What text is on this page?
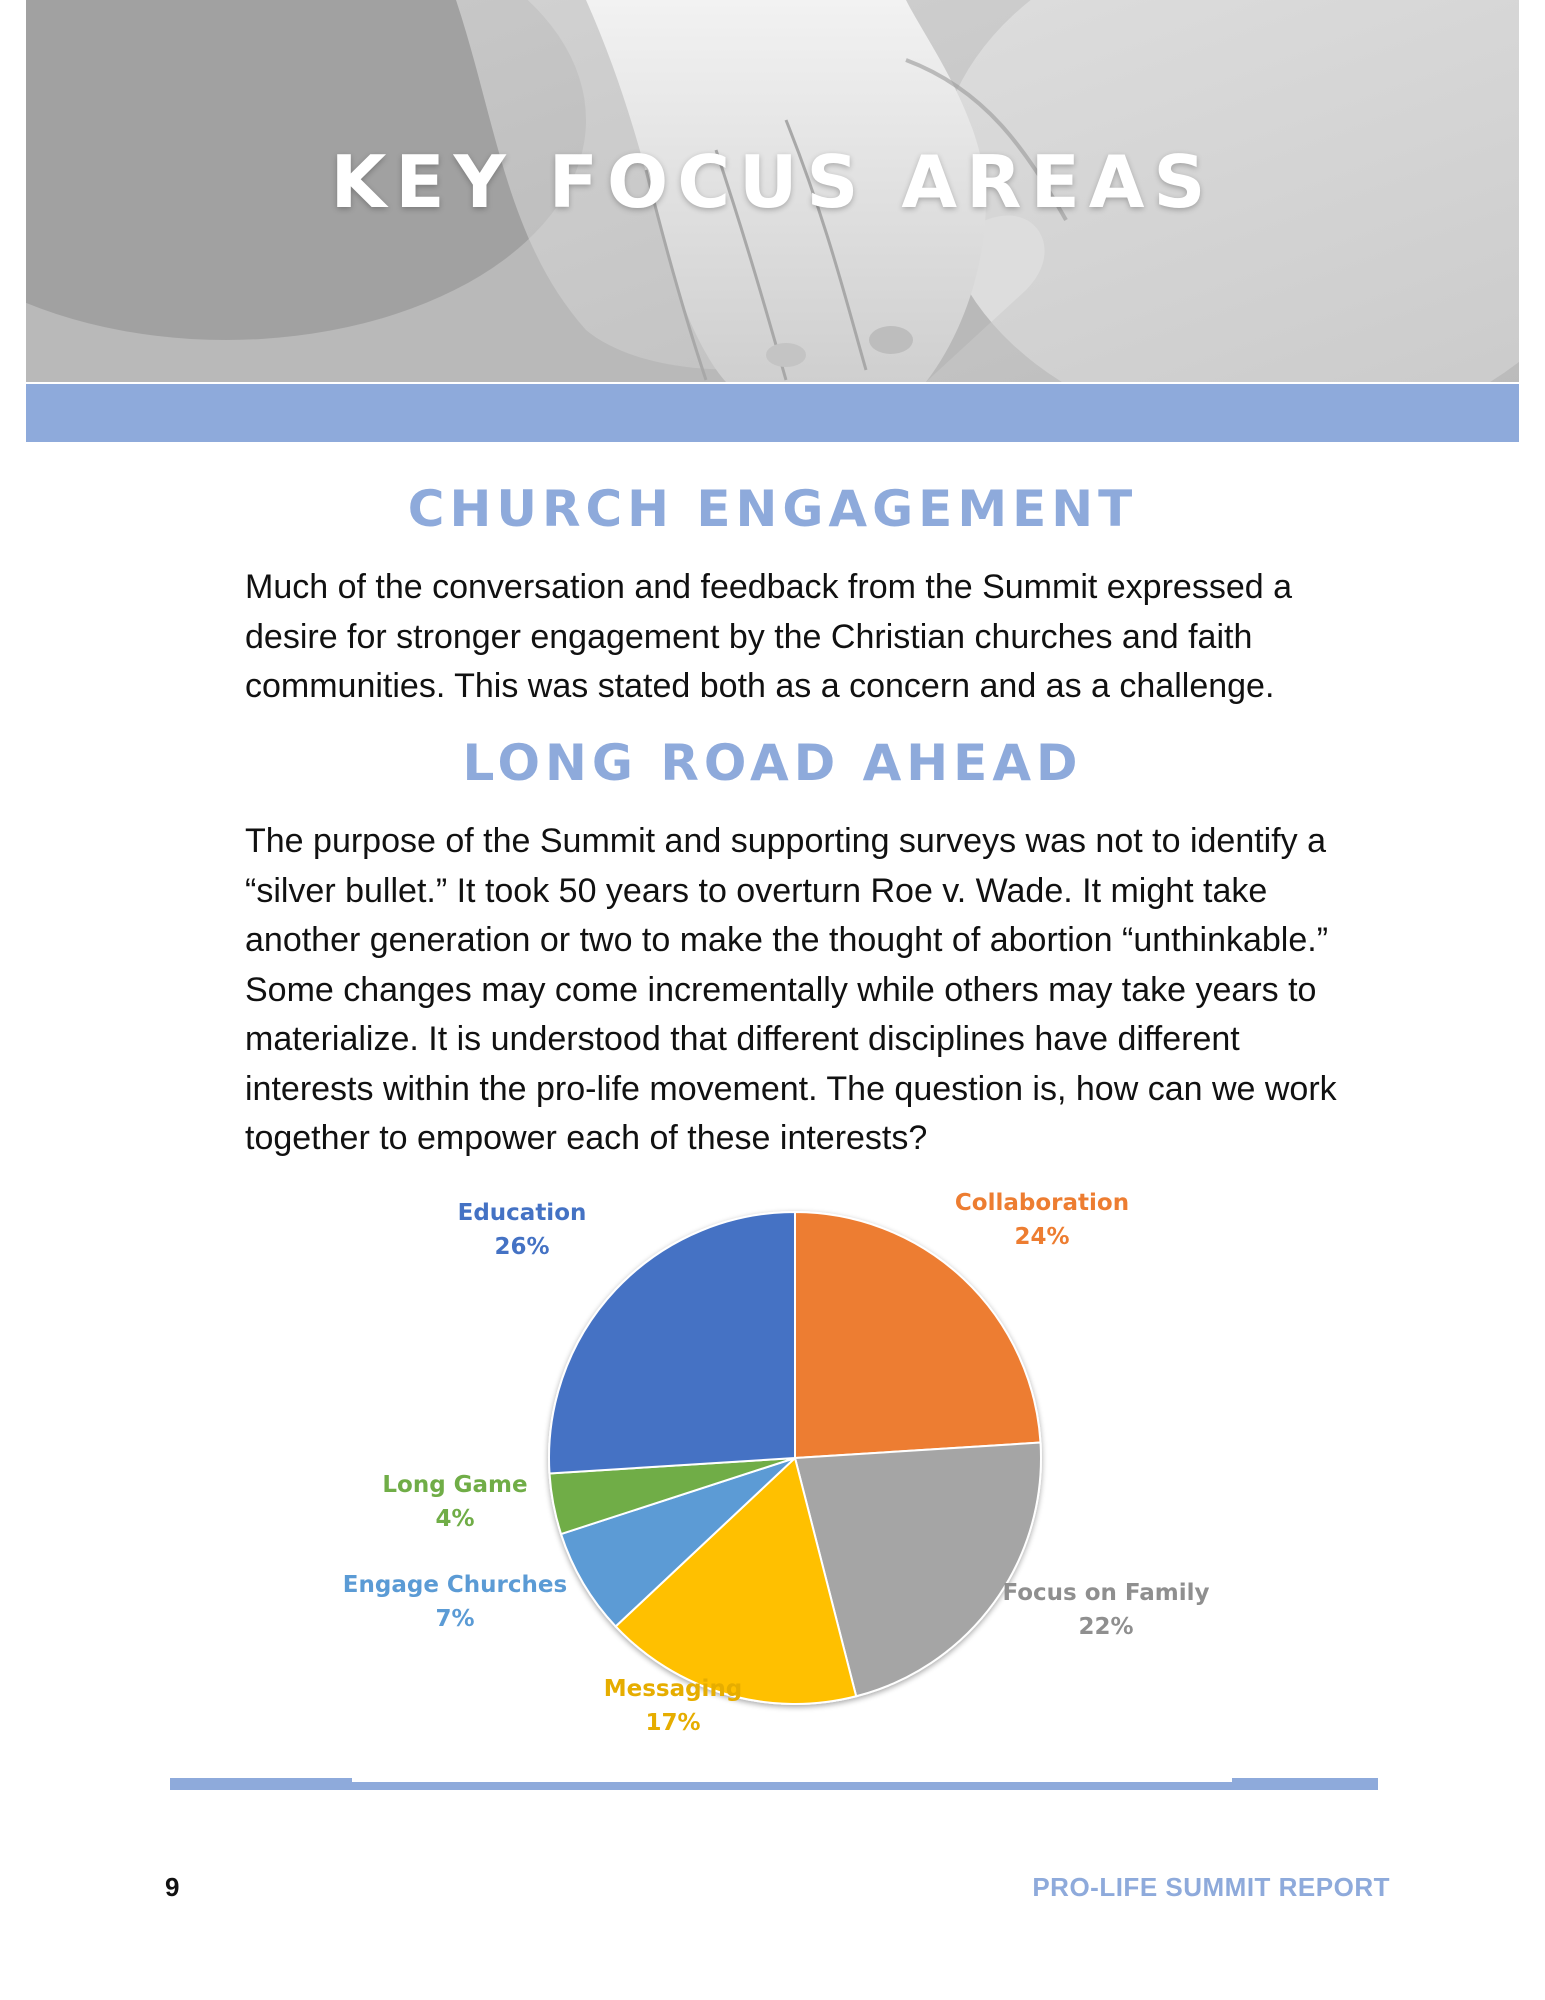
KEY FOCUS AREAS
CHURCH ENGAGEMENT

Much of the conversation and feedback from the Summit expressed a desire for stronger engagement by the Christian churches and faith communities. This was stated both as a concern and as a challenge.

LONG ROAD AHEAD

The purpose of the Summit and supporting surveys was not to identify a “silver bullet.” It took 50 years to overturn Roe v. Wade. It might take another generation or two to make the thought of abortion “unthinkable.” Some changes may come incrementally while others may take years to materialize. It is understood that different disciplines have different interests within the pro-life movement. The question is, how can we work together to empower each of these interests?

Collaboration
24%
Focus on Family
22%
Messaging
17%
Engage Churches
7%
Long Game
4%
Education
26%
9	PRO-LIFE SUMMIT REPORT
